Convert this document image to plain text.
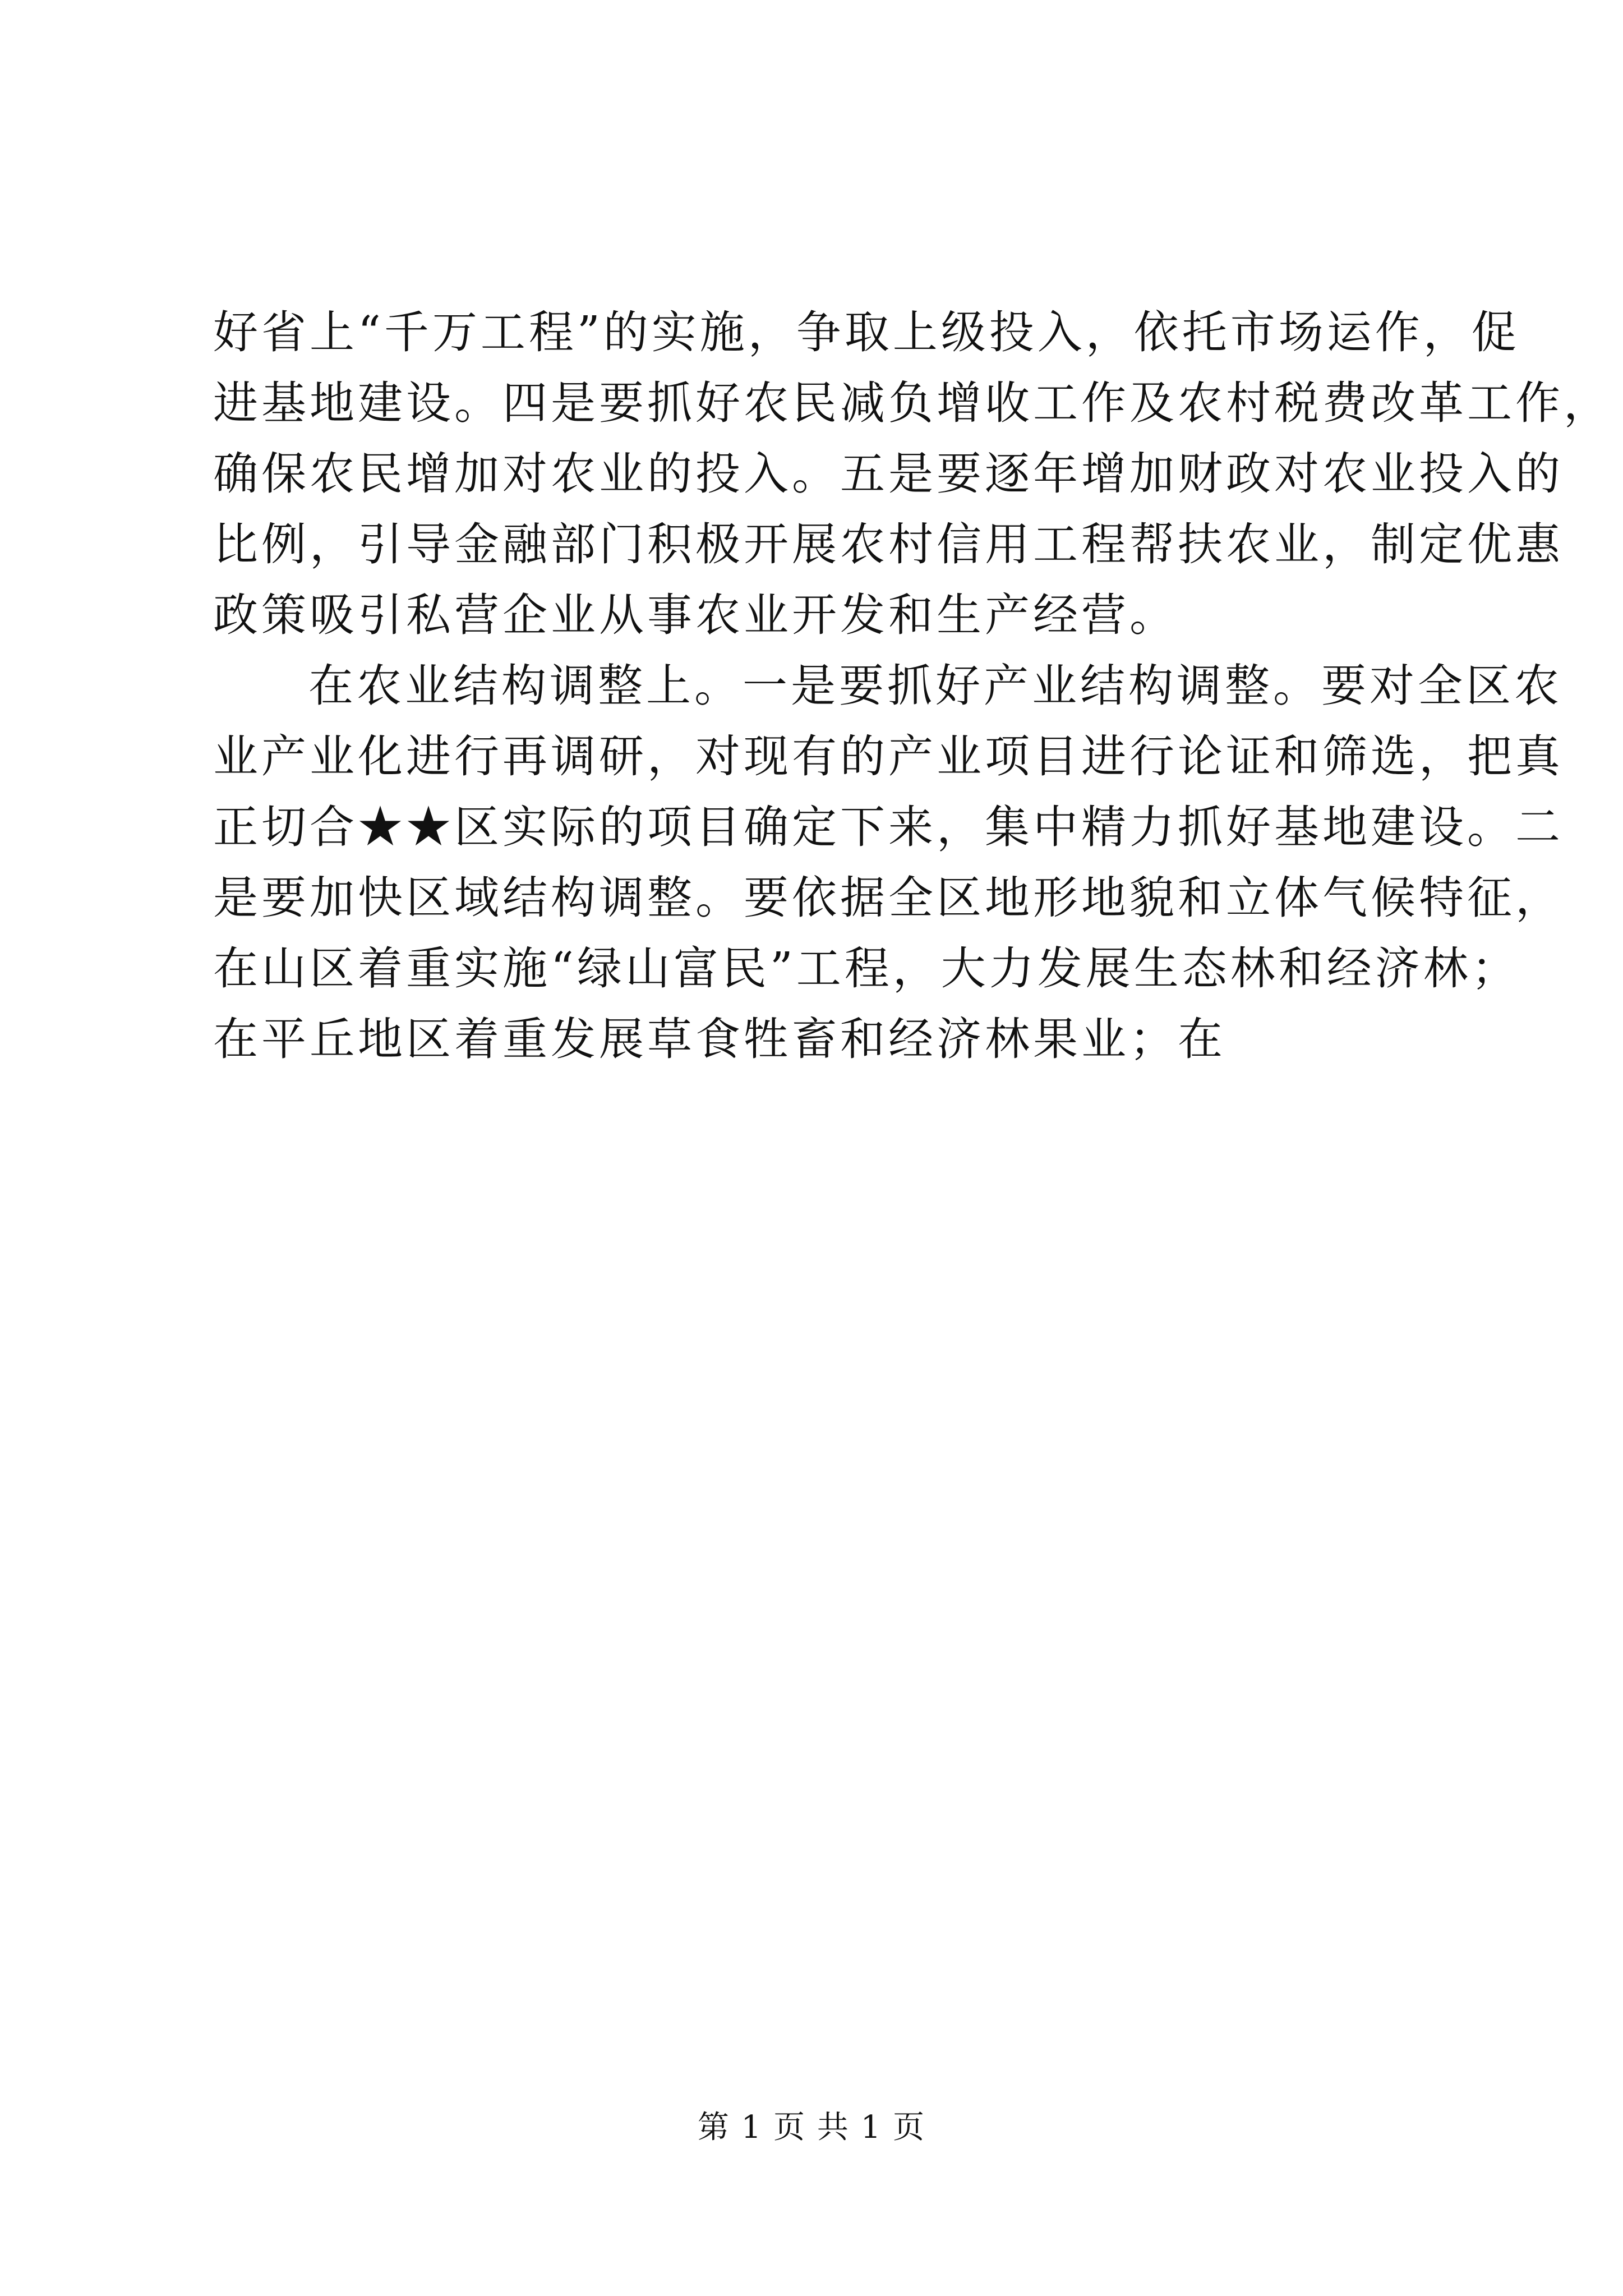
好省上“千万工程”的实施，争取上级投入，依托市场运作，促
进基地建设。四是要抓好农民减负增收工作及农村税费改革工作，
确保农民增加对农业的投入。五是要逐年增加财政对农业投入的
比例，引导金融部门积极开展农村信用工程帮扶农业，制定优惠
政策吸引私营企业从事农业开发和生产经营。
在农业结构调整上。一是要抓好产业结构调整。要对全区农
业产业化进行再调研，对现有的产业项目进行论证和筛选，把真
正切合★★区实际的项目确定下来，集中精力抓好基地建设。二
是要加快区域结构调整。要依据全区地形地貌和立体气候特征，
在山区着重实施“绿山富民”工程，大力发展生态林和经济林；
在平丘地区着重发展草食牲畜和经济林果业；在
第 1 页 共 1 页
